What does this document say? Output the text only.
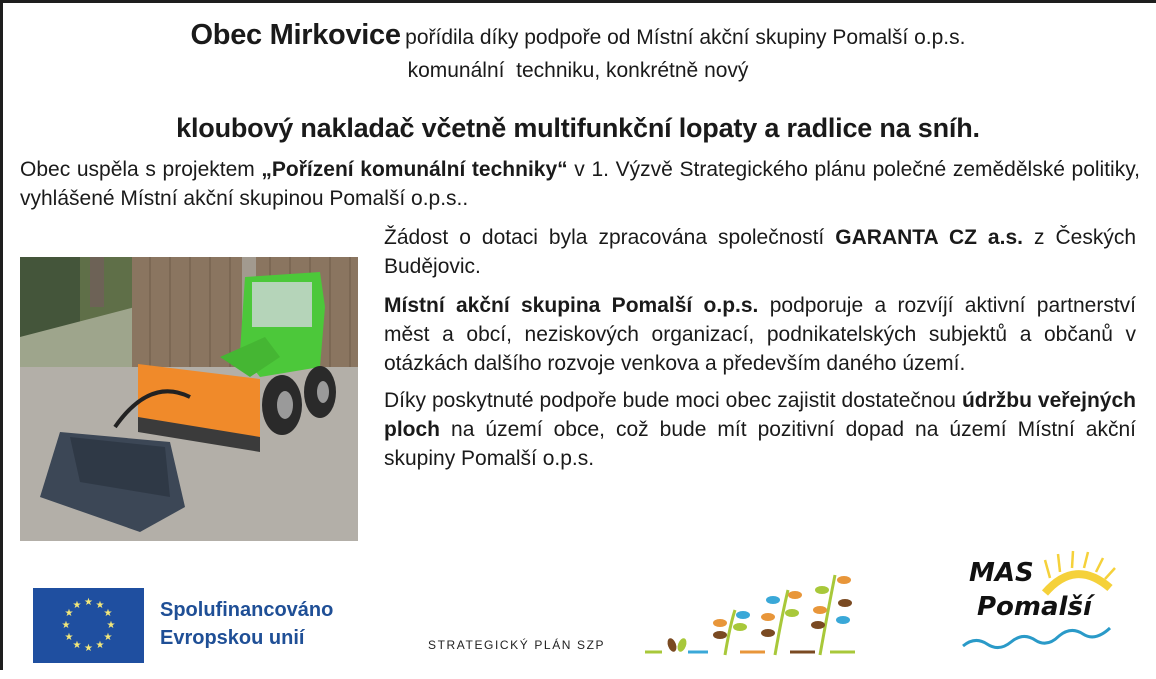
Obec Mirkovice pořídila díky podpoře od Místní akční skupiny Pomalší o.p.s.
komunální  techniku, konkrétně nový
kloubový nakladač včetně multifunkční lopaty a radlice na sníh.

Obec uspěla s projektem „Pořízení komunální techniky“ v 1. Výzvě Strategického plánu polečné zemědělské politiky, vyhlášené Místní akční skupinou Pomalší o.p.s..

Žádost o dotaci byla zpracována společností GARANTA CZ a.s. z Českých Budějovic.

Místní akční skupina Pomalší o.p.s. podporuje a rozvíjí aktivní partnerství měst a obcí, neziskových organizací, podnikatelských subjektů a občanů v otázkách dalšího rozvoje venkova a především daného území.

Díky poskytnuté podpoře bude moci obec zajistit dostatečnou údržbu veřejných ploch na území obce, což bude mít pozitivní dopad na území Místní akční skupiny Pomalší o.p.s.

★ ★
★
★
★
★
★
★
★
★
★
★	Spolufinancováno
Evropskou unií	STRATEGICKÝ PLÁN SZP
MAS
Pomalší
